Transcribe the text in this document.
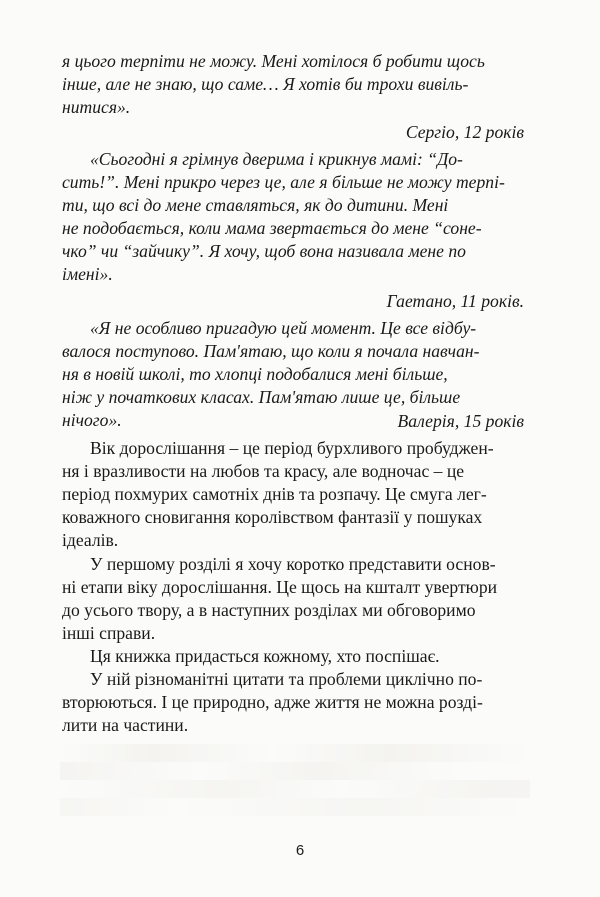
я цього терпіти не можу. Мені хотілося б робити щось
інше, але не знаю, що саме… Я хотів би трохи вивіль-
нитися».
Сергіо, 12 років
«Сьогодні я грімнув дверима і крикнув мамі: “До-
сить!”. Мені прикро через це, але я більше не можу терпі-
ти, що всі до мене ставляться, як до дитини. Мені
не подобається, коли мама звертається до мене “соне-
чко” чи “зайчику”. Я хочу, щоб вона називала мене по
імені».
Гаетано, 11 років.
«Я не особливо пригадую цей момент. Це все відбу-
валося поступово. Пам'ятаю, що коли я почала навчан-
ня в новій школі, то хлопці подобалися мені більше,
ніж у початкових класах. Пам'ятаю лише це, більше
нічого».	Валерія, 15 років
Вік дорослішання – це період бурхливого пробуджен-
ня і вразливости на любов та красу, але водночас – це
період похмурих самотніх днів та розпачу. Це смуга лег-
коважного сновигання королівством фантазії у пошуках
ідеалів.
У першому розділі я хочу коротко представити основ-
ні етапи віку дорослішання. Це щось на кшталт увертюри
до усього твору, а в наступних розділах ми обговоримо
інші справи.
Ця книжка придасться кожному, хто поспішає.
У ній різноманітні цитати та проблеми циклічно по-
вторюються. І це природно, адже життя не можна розді-
лити на частини.
6
